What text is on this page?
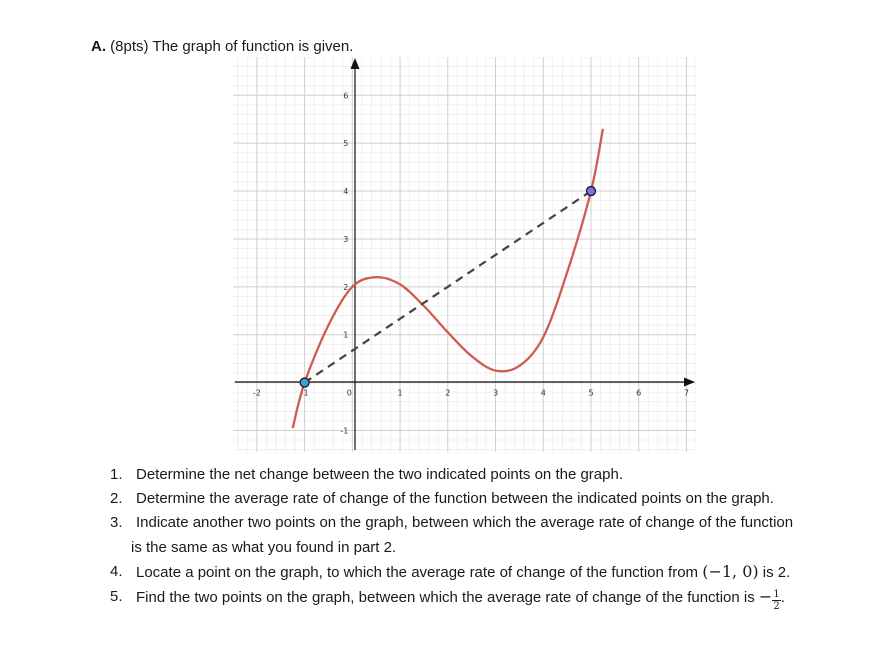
A. (8pts) The graph of function is given.
-2	-1	0	1	2	3	4	5	6	7
-1
1
2
3
4
5
6
1. Determine the net change between the two indicated points on the graph.
2. Determine the average rate of change of the function between the indicated points on the graph.
3. Indicate another two points on the graph, between which the average rate of change of the function
is the same as what you found in part 2.
4. Locate a point on the graph, to which the average rate of change of the function from (−1, 0) is 2.
5. Find the two points on the graph, between which the average rate of change of the function is − $\frac{1}{2}$ .
